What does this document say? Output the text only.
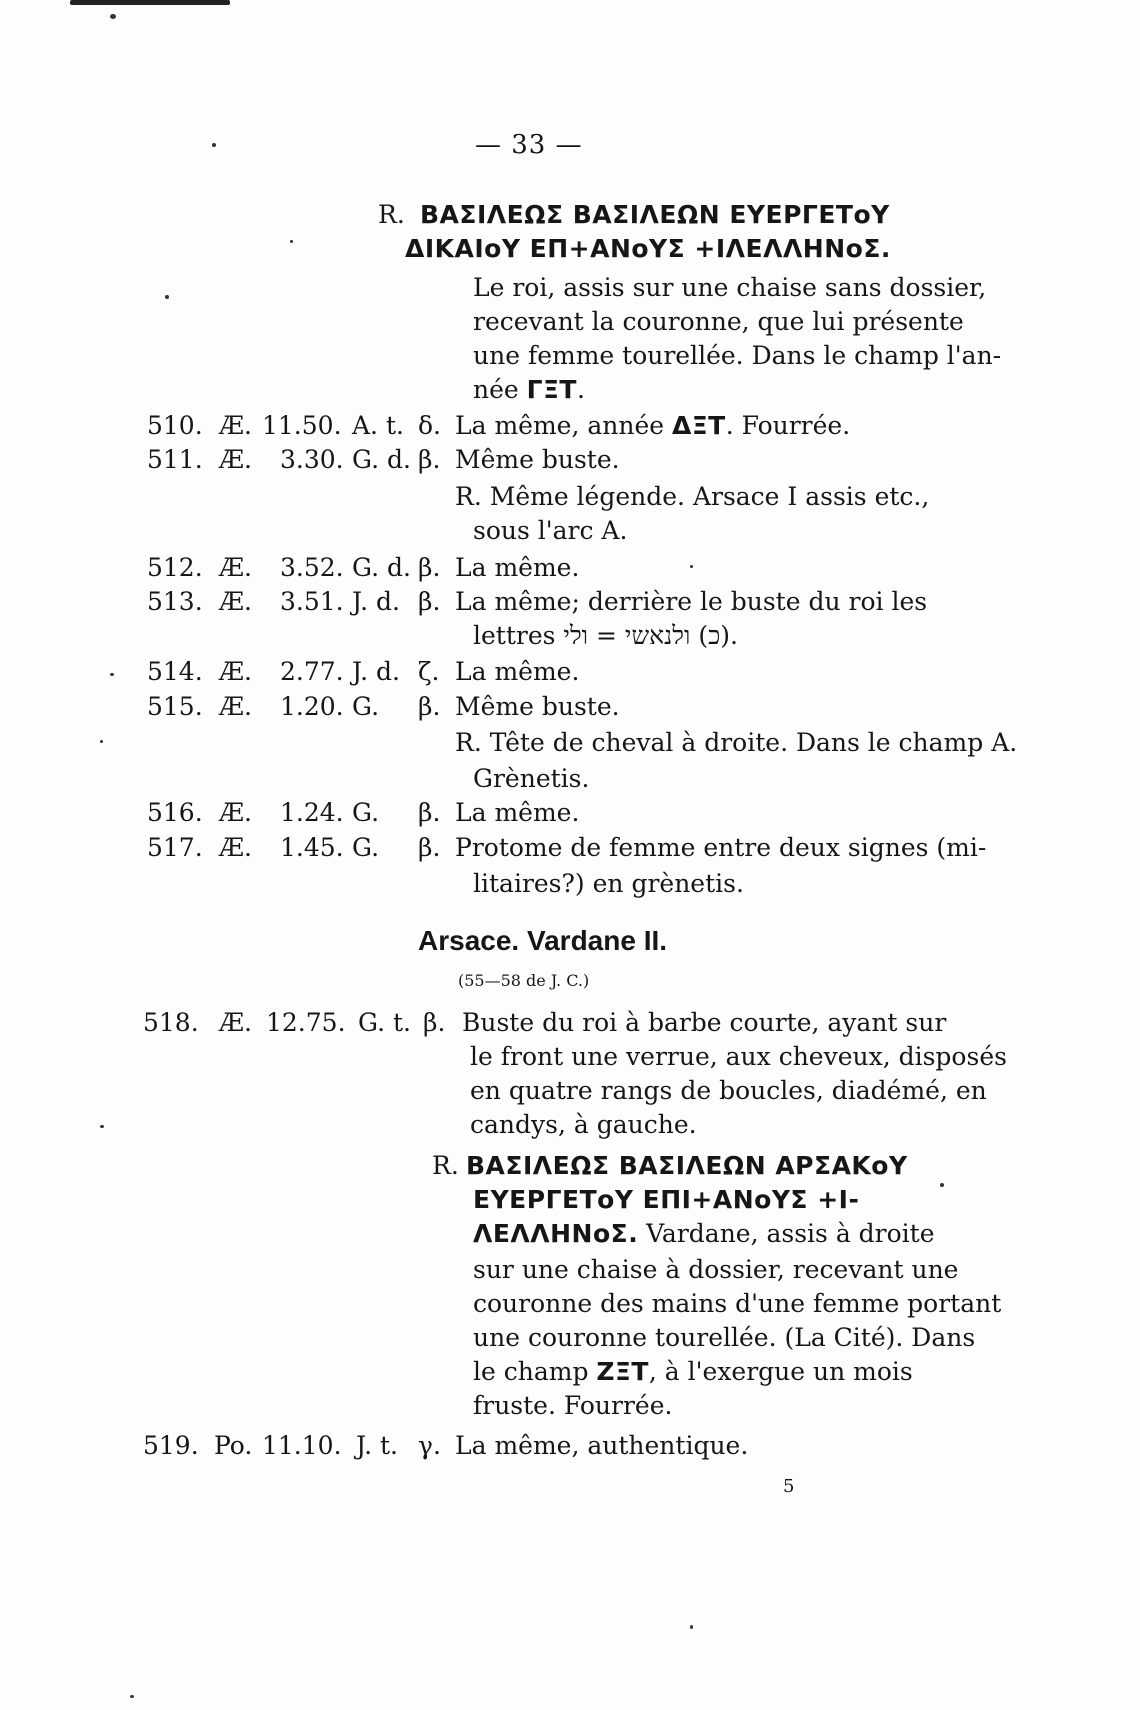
— 33 —
R. ΒΑΣΙΛΕΩΣ ΒΑΣΙΛΕΩΝ ΕΥΕΡΓΕΤοΥ
ΔΙΚΑΙοΥ ΕΠ+ΑΝοΥΣ +ΙΛΕΛΛΗΝοΣ.
Le roi, assis sur une chaise sans dossier,
recevant la couronne, que lui présente
une femme tourellée. Dans le champ l'an-
née ΓΞΤ.
510. Æ. 11.50. A. t. δ. La même, année ΔΞΤ. Fourrée.
511. Æ. 3.30. G. d. β. Même buste.
R. Même légende. Arsace I assis etc.,
sous l'arc A.
512. Æ. 3.52. G. d. β. La même.
513. Æ. 3.51. J. d. β. La même; derrière le buste du roi les
lettres כ) ולנאשי = ולי).
514. Æ. 2.77. J. d. ζ. La même.
515. Æ. 1.20. G. β. Même buste.
R. Tête de cheval à droite. Dans le champ A.
Grènetis.
516. Æ. 1.24. G. β. La même.
517. Æ. 1.45. G. β. Protome de femme entre deux signes (mi-
litaires?) en grènetis.
Arsace. Vardane II.
(55—58 de J. C.)
518. Æ. 12.75. G. t. β. Buste du roi à barbe courte, ayant sur
le front une verrue, aux cheveux, disposés
en quatre rangs de boucles, diadémé, en
candys, à gauche.
R. ΒΑΣΙΛΕΩΣ ΒΑΣΙΛΕΩΝ ΑΡΣΑΚοΥ
ΕΥΕΡΓΕΤοΥ ΕΠΙ+ΑΝοΥΣ +Ι-
ΛΕΛΛΗΝοΣ. Vardane, assis à droite
sur une chaise à dossier, recevant une
couronne des mains d'une femme portant
une couronne tourellée. (La Cité). Dans
le champ ΖΞΤ, à l'exergue un mois
fruste. Fourrée.
519. Po. 11.10. J. t. γ. La même, authentique.
5
